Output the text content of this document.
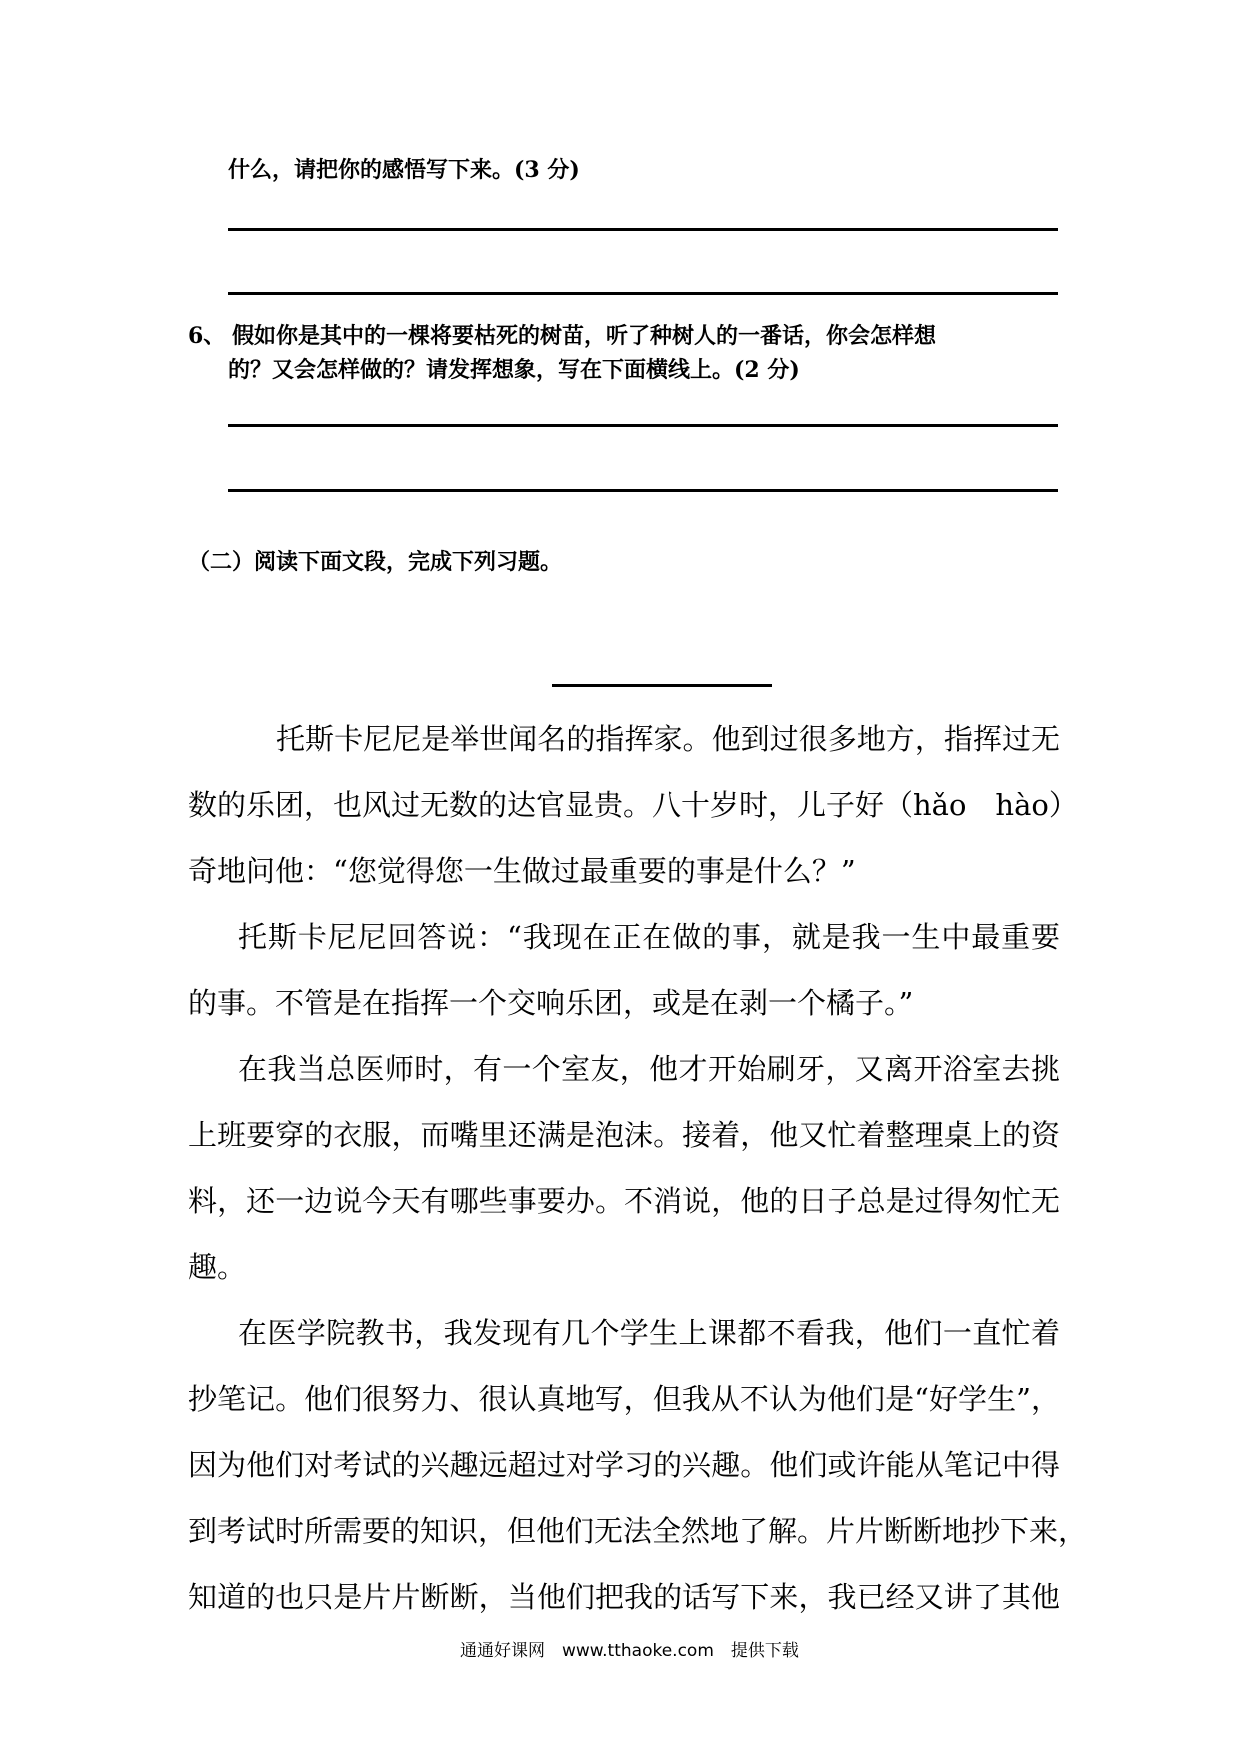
什么，请把你的感悟写下来。(3 分)
6、 假如你是其中的一棵将要枯死的树苗，听了种树人的一番话，你会怎样想
的？又会怎样做的？请发挥想象，写在下面横线上。(2 分)
（二）阅读下面文段，完成下列习题。
托斯卡尼尼是举世闻名的指挥家。他到过很多地方，指挥过无
数的乐团，也风过无数的达官显贵。八十岁时，儿子好（hǎo　hào）
奇地问他：“您觉得您一生做过最重要的事是什么？”
托斯卡尼尼回答说：“我现在正在做的事，就是我一生中最重要
的事。不管是在指挥一个交响乐团，或是在剥一个橘子。”
在我当总医师时，有一个室友，他才开始刷牙，又离开浴室去挑
上班要穿的衣服，而嘴里还满是泡沫。接着，他又忙着整理桌上的资
料，还一边说今天有哪些事要办。不消说，他的日子总是过得匆忙无
趣。
在医学院教书，我发现有几个学生上课都不看我，他们一直忙着
抄笔记。他们很努力、很认真地写，但我从不认为他们是“好学生”，
因为他们对考试的兴趣远超过对学习的兴趣。他们或许能从笔记中得
到考试时所需要的知识，但他们无法全然地了解。片片断断地抄下来，
知道的也只是片片断断，当他们把我的话写下来，我已经又讲了其他
通通好课网　www.tthaoke.com　提供下载
